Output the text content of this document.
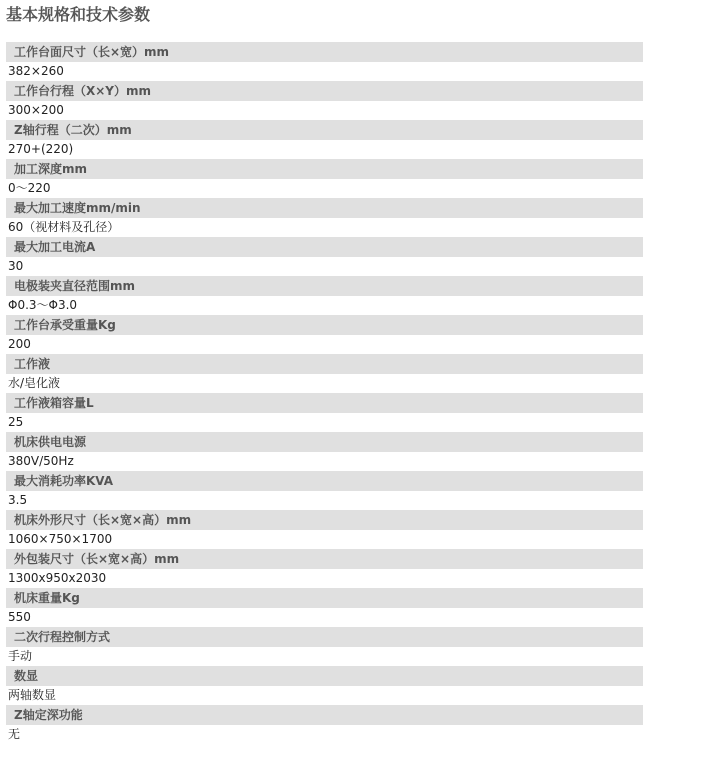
基本规格和技术参数
工作台面尺寸（长×宽）mm
382×260
工作台行程（X×Y）mm
300×200
Z轴行程（二次）mm
270+(220)
加工深度mm
0～220
最大加工速度mm/min
60（视材料及孔径）
最大加工电流A
30
电极装夹直径范围mm
Φ0.3～Φ3.0
工作台承受重量Kg
200
工作液
水/皂化液
工作液箱容量L
25
机床供电电源
380V/50Hz
最大消耗功率KVA
3.5
机床外形尺寸（长×宽×高）mm
1060×750×1700
外包装尺寸（长×宽×高）mm
1300x950x2030
机床重量Kg
550
二次行程控制方式
手动
数显
两轴数显
Z轴定深功能
无
